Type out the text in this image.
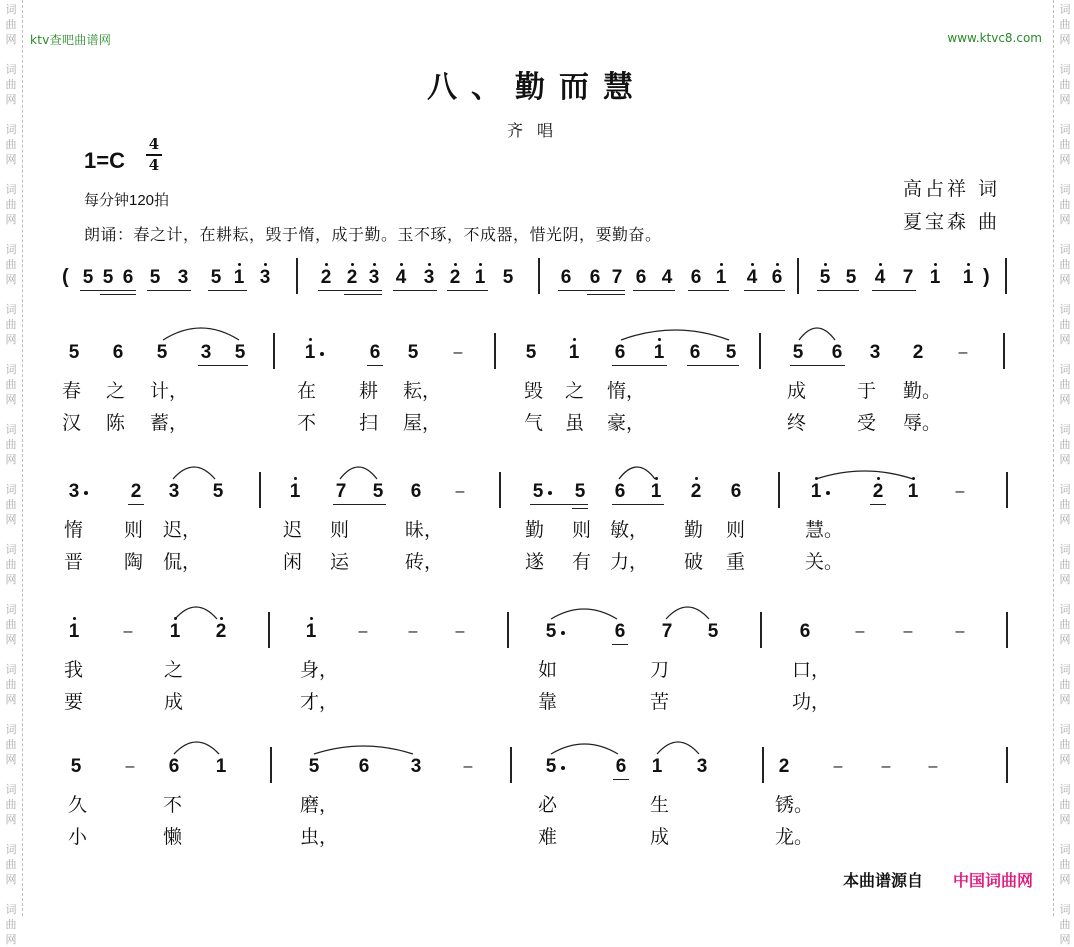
词
曲
网
词
曲
网
词
曲
网
词
曲
网
词
曲
网
词
曲
网
词
曲
网
词
曲
网
词
曲
网
词
曲
网
词
曲
网
词
曲
网
词
曲
网
词
曲
网
词
曲
网
词
曲
网
词
曲
网
词
曲
网
词
曲
网
词
曲
网
词
曲
网
词
曲
网
词
曲
网
词
曲
网
词
曲
网
词
曲
网
词
曲
网
词
曲
网
词
曲
网
词
曲
网
词
曲
网
词
曲
网
ktv查吧曲谱网	www.ktvc8.com
八、勤而慧
齐唱
1=C
4
4
每分钟120拍
朗诵：春之计，在耕耘，毁于惰，成于勤。玉不琢，不成器，惜光阴，要勤奋。
高占祥 词
夏宝森 曲
(	)
5 5 6 5 3 5 1 3	2 2 3 4 3 2 1 5 6 6 7 6 4 6 1 4 6 5 5 4 7 1 1
5 6 5 3 5	1	6 5 –	5 1 6 1 6 5	5 6 3 2 –
春 之 计，	在 耕 耘，	毁 之 惰，	成	于 勤。
汉 陈 蓄，	不 扫 屋，	气 虽 豪，	终	受 辱。
3	2 3 5	1 7 5 6 –	5 5 6 1 2 6	1	2 1 –
惰 则 迟，	迟 则	昧，	勤 则 敏， 勤 则	慧。
晋 陶 侃，	闲 运	砖，	遂 有 力， 破 重	关。
1	– 1 2	1	–	– –	5	6 7 5	6	– –	–
我	之	身，	如	刀	口，
要	成	才，	靠	苦	功，
5	– 6 1	5 6 3	–	5	6 1 3	2	– – –
久	不	磨，	必	生	锈。
小	懒	虫，	难	成	龙。
本曲谱源自 中国词曲网
